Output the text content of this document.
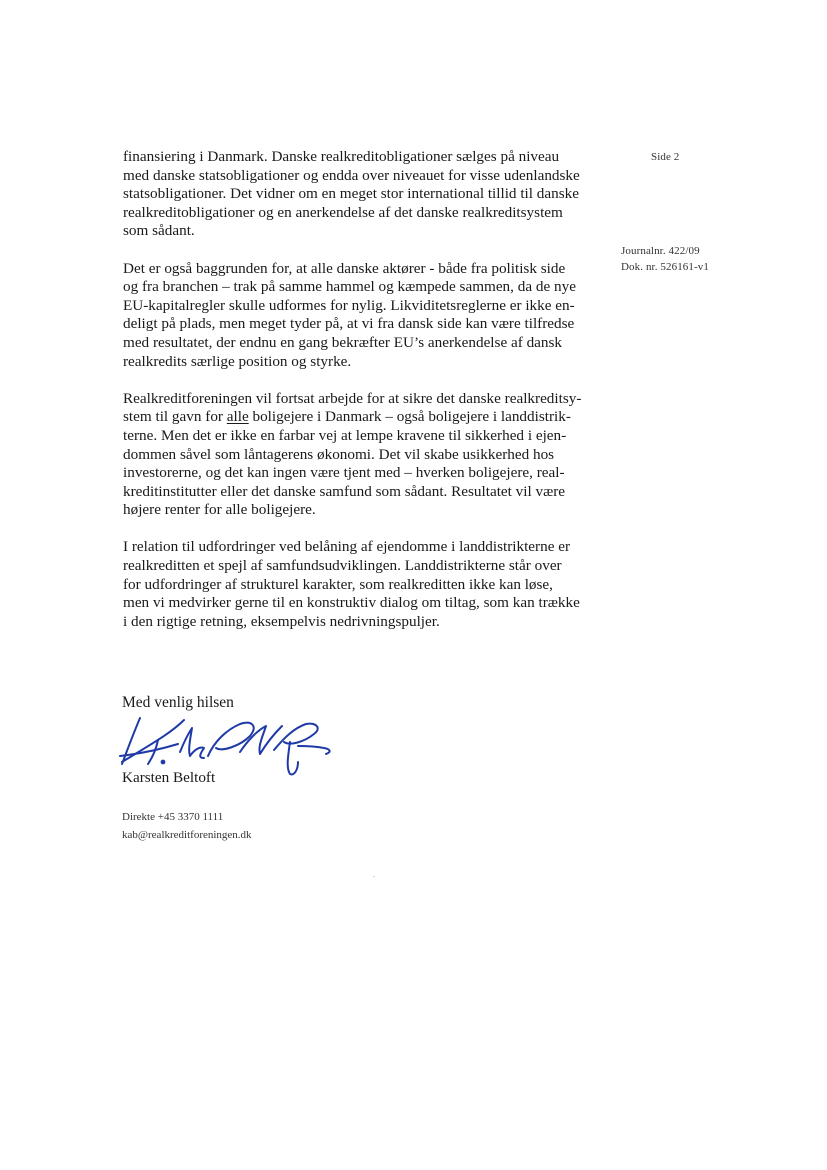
Side 2
Journalnr. 422/09
Dok. nr. 526161-v1
finansiering i Danmark. Danske realkreditobligationer sælges på niveau
med danske statsobligationer og endda over niveauet for visse udenlandske
statsobligationer. Det vidner om en meget stor international tillid til danske
realkreditobligationer og en anerkendelse af det danske realkreditsystem
som sådant.
Det er også baggrunden for, at alle danske aktører - både fra politisk side
og fra branchen – trak på samme hammel og kæmpede sammen, da de nye
EU-kapitalregler skulle udformes for nylig. Likviditetsreglerne er ikke en-
deligt på plads, men meget tyder på, at vi fra dansk side kan være tilfredse
med resultatet, der endnu en gang bekræfter EU’s anerkendelse af dansk
realkredits særlige position og styrke.
Realkreditforeningen vil fortsat arbejde for at sikre det danske realkreditsy-
stem til gavn for alle boligejere i Danmark – også boligejere i landdistrik-
terne. Men det er ikke en farbar vej at lempe kravene til sikkerhed i ejen-
dommen såvel som låntagerens økonomi. Det vil skabe usikkerhed hos
investorerne, og det kan ingen være tjent med – hverken boligejere, real-
kreditinstitutter eller det danske samfund som sådant. Resultatet vil være
højere renter for alle boligejere.
I relation til udfordringer ved belåning af ejendomme i landdistrikterne er
realkreditten et spejl af samfundsudviklingen. Landdistrikterne står over
for udfordringer af strukturel karakter, som realkreditten ikke kan løse,
men vi medvirker gerne til en konstruktiv dialog om tiltag, som kan trække
i den rigtige retning, eksempelvis nedrivningspuljer.
Med venlig hilsen
Karsten Beltoft
Direkte +45 3370 1111
kab@realkreditforeningen.dk
